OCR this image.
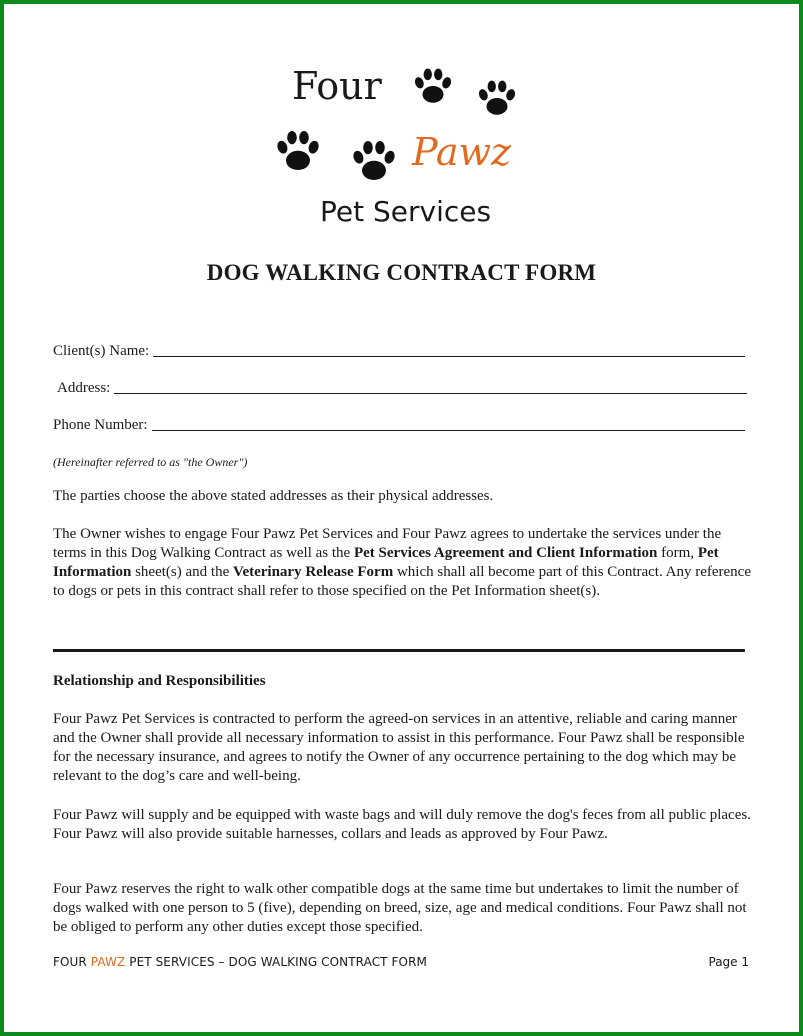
Four
Pawz
Pet Services
DOG WALKING CONTRACT FORM
Client(s) Name:
Address:
Phone Number:
(Hereinafter referred to as "the Owner")
The parties choose the above stated addresses as their physical addresses.
The Owner wishes to engage Four Pawz Pet Services and Four Pawz agrees to undertake the services under the terms in this Dog Walking Contract as well as the Pet Services Agreement and Client Information form, Pet Information sheet(s) and the Veterinary Release Form which shall all become part of this Contract. Any reference to dogs or pets in this contract shall refer to those specified on the Pet Information sheet(s).
Relationship and Responsibilities
Four Pawz Pet Services is contracted to perform the agreed-on services in an attentive, reliable and caring manner and the Owner shall provide all necessary information to assist in this performance. Four Pawz shall be responsible for the necessary insurance, and agrees to notify the Owner of any occurrence pertaining to the dog which may be relevant to the dog’s care and well-being.
Four Pawz will supply and be equipped with waste bags and will duly remove the dog's feces from all public places. Four Pawz will also provide suitable harnesses, collars and leads as approved by Four Pawz.
Four Pawz reserves the right to walk other compatible dogs at the same time but undertakes to limit the number of dogs walked with one person to 5 (five), depending on breed, size, age and medical conditions. Four Pawz shall not be obliged to perform any other duties except those specified.
FOUR PAWZ PET SERVICES – DOG WALKING CONTRACT FORM	Page 1
